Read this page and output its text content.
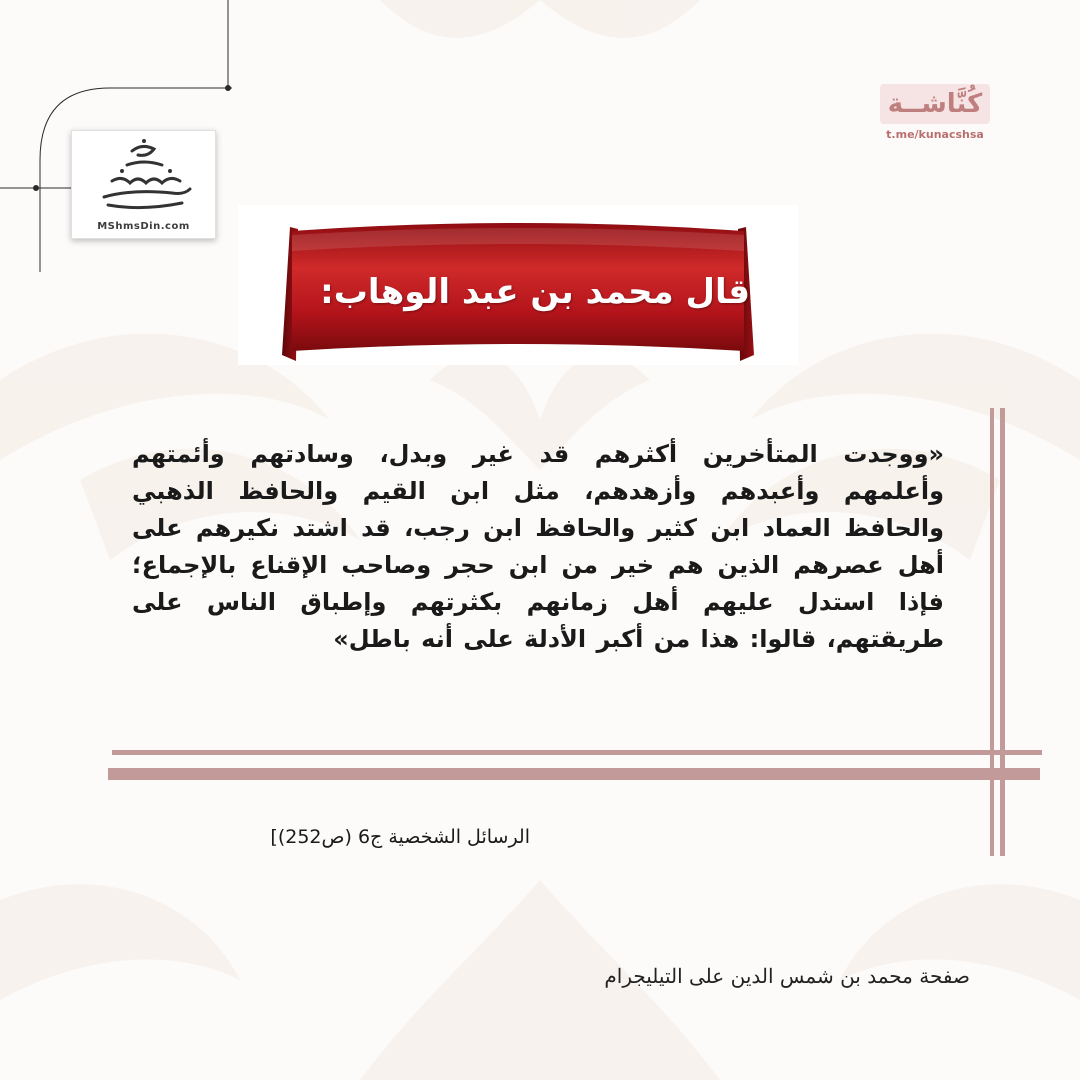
MShmsDin.com
كُنَّاشــة
t.me/kunacshsa
قال محمد بن عبد الوهاب:
«ووجدت المتأخرين أكثرهم قد غير وبدل، وسادتهم وأئمتهم وأعلمهم وأعبدهم وأزهدهم، مثل ابن القيم والحافظ الذهبي والحافظ العماد ابن كثير والحافظ ابن رجب، قد اشتد نكيرهم على أهل عصرهم الذين هم خير من ابن حجر وصاحب الإقناع بالإجماع؛ فإذا استدل عليهم أهل زمانهم بكثرتهم وإطباق الناس على طريقتهم، قالوا: هذا من أكبر الأدلة على أنه باطل»
الرسائل الشخصية ج6 (ص252)]
صفحة محمد بن شمس الدين على التيليجرام
